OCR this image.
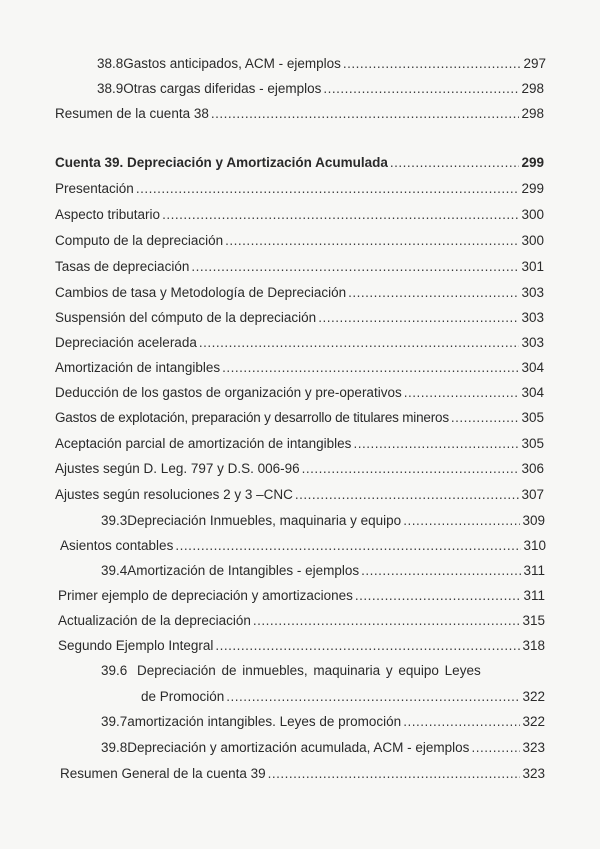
38.8 Gastos anticipados, ACM - ejemplos .....	297
38.9 Otras cargas diferidas - ejemplos .....	298
Resumen de la cuenta 38 .....	298
Cuenta 39. Depreciación y Amortización Acumulada .....	299
Presentación .....	299
Aspecto tributario .....	300
Computo de la depreciación .....	300
Tasas de depreciación .....	301
Cambios de tasa y Metodología de Depreciación .....	303
Suspensión del cómputo de la depreciación .....	303
Depreciación acelerada .....	303
Amortización de intangibles .....	304
Deducción de los gastos de organización y pre-operativos .....	304
Gastos de explotación, preparación y desarrollo de titulares mineros .....	305
Aceptación parcial de amortización de intangibles .....	305
Ajustes según D. Leg. 797 y D.S. 006-96 .....	306
Ajustes según resoluciones 2 y 3 –CNC .....	307
39.3 Depreciación Inmuebles, maquinaria y equipo .....	309
Asientos contables .....	310
39.4 Amortización de Intangibles - ejemplos .....	311
Primer ejemplo de depreciación y amortizaciones .....	311
Actualización de la depreciación .....	315
Segundo Ejemplo Integral .....	318
39.6 Depreciación de inmuebles, maquinaria y equipo Leyes
de Promoción .....	322
39.7 amortización intangibles. Leyes de promoción .....	322
39.8 Depreciación y amortización acumulada, ACM - ejemplos .....	323
Resumen General de la cuenta 39 .....	323
